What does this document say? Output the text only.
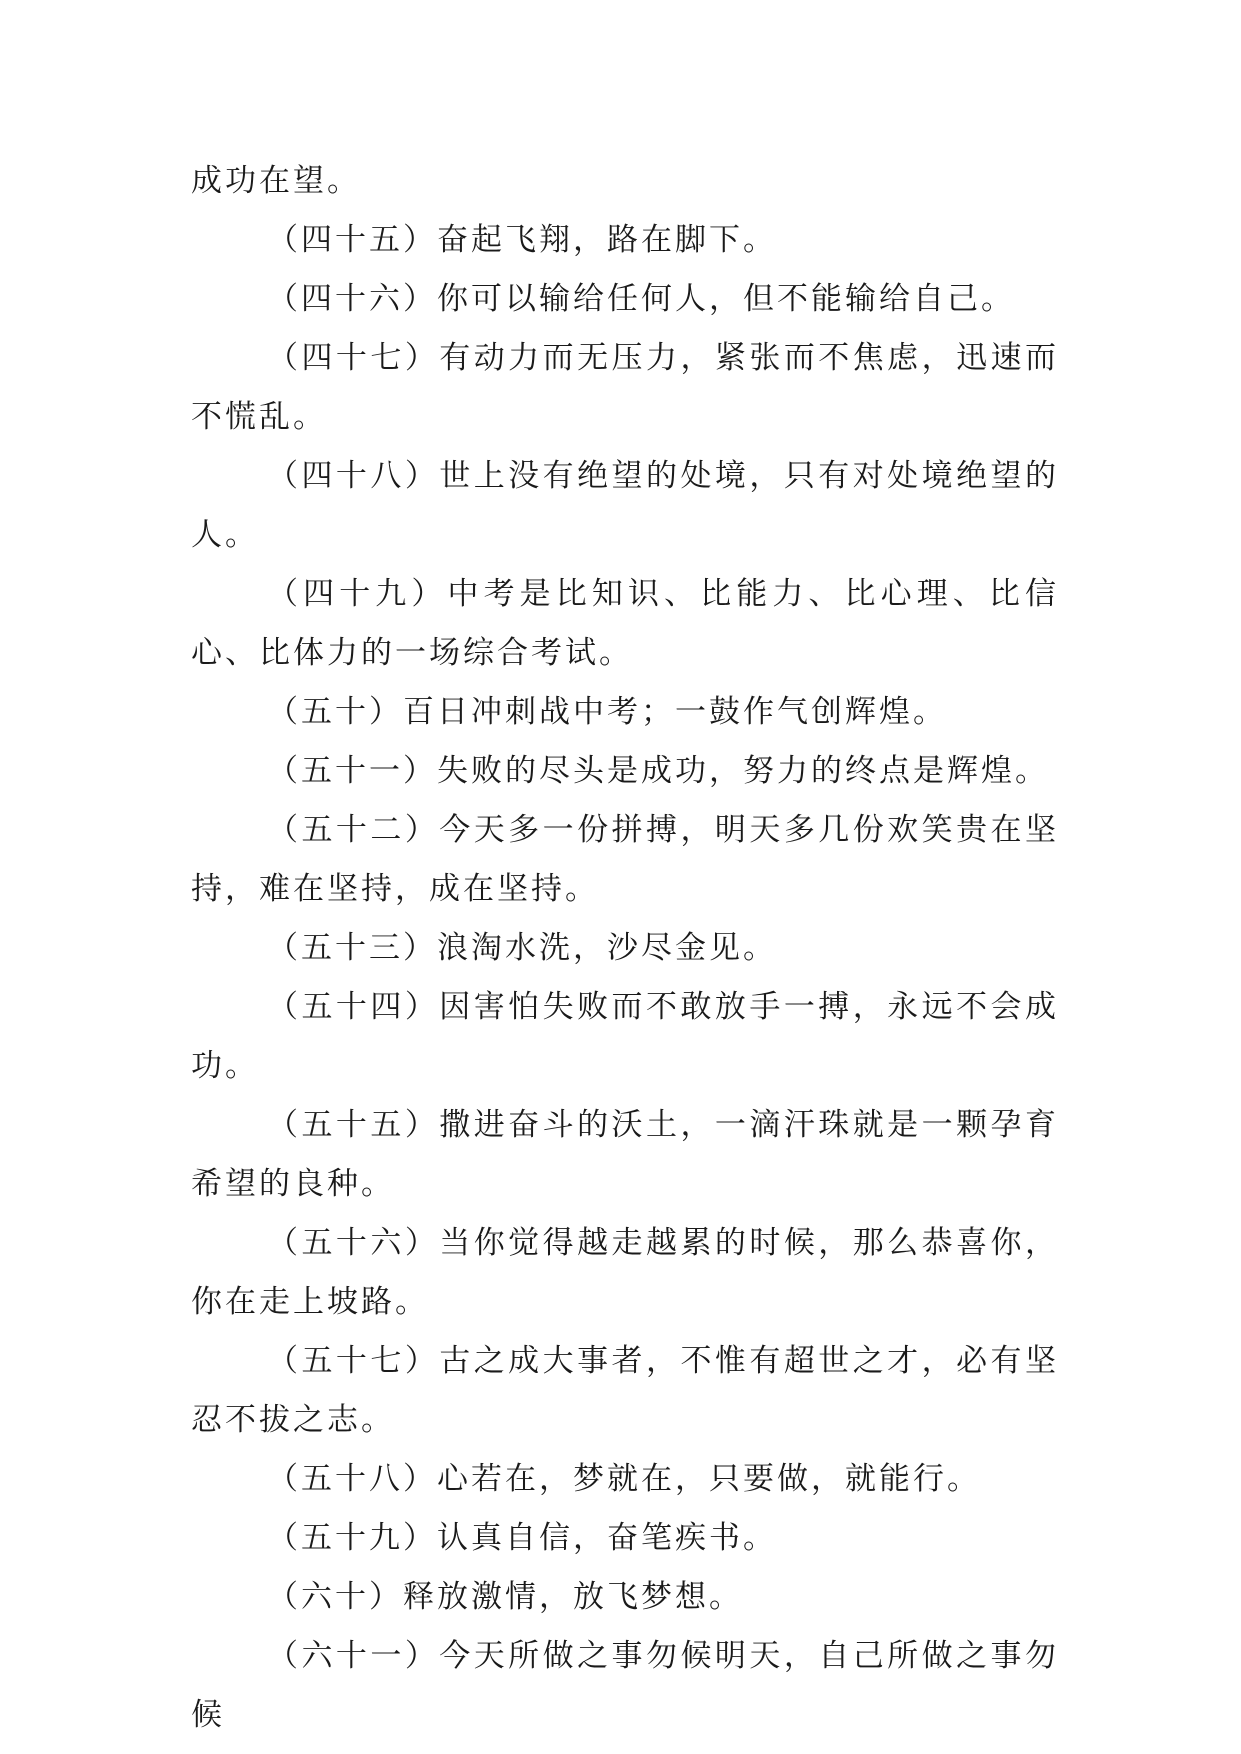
成功在望。

（四十五）奋起飞翔，路在脚下。

（四十六）你可以输给任何人，但不能输给自己。

（四十七）有动力而无压力，紧张而不焦虑，迅速而不慌乱。

（四十八）世上没有绝望的处境，只有对处境绝望的人。

（四十九）中考是比知识、比能力、比心理、比信心、比体力的一场综合考试。

（五十）百日冲刺战中考；一鼓作气创辉煌。

（五十一）失败的尽头是成功，努力的终点是辉煌。

（五十二）今天多一份拼搏，明天多几份欢笑贵在坚持，难在坚持，成在坚持。

（五十三）浪淘水洗，沙尽金见。

（五十四）因害怕失败而不敢放手一搏，永远不会成功。

（五十五）撒进奋斗的沃土，一滴汗珠就是一颗孕育希望的良种。

（五十六）当你觉得越走越累的时候，那么恭喜你，你在走上坡路。

（五十七）古之成大事者，不惟有超世之才，必有坚忍不拔之志。

（五十八）心若在，梦就在，只要做，就能行。

（五十九）认真自信，奋笔疾书。

（六十）释放激情，放飞梦想。

（六十一）今天所做之事勿候明天，自己所做之事勿候
